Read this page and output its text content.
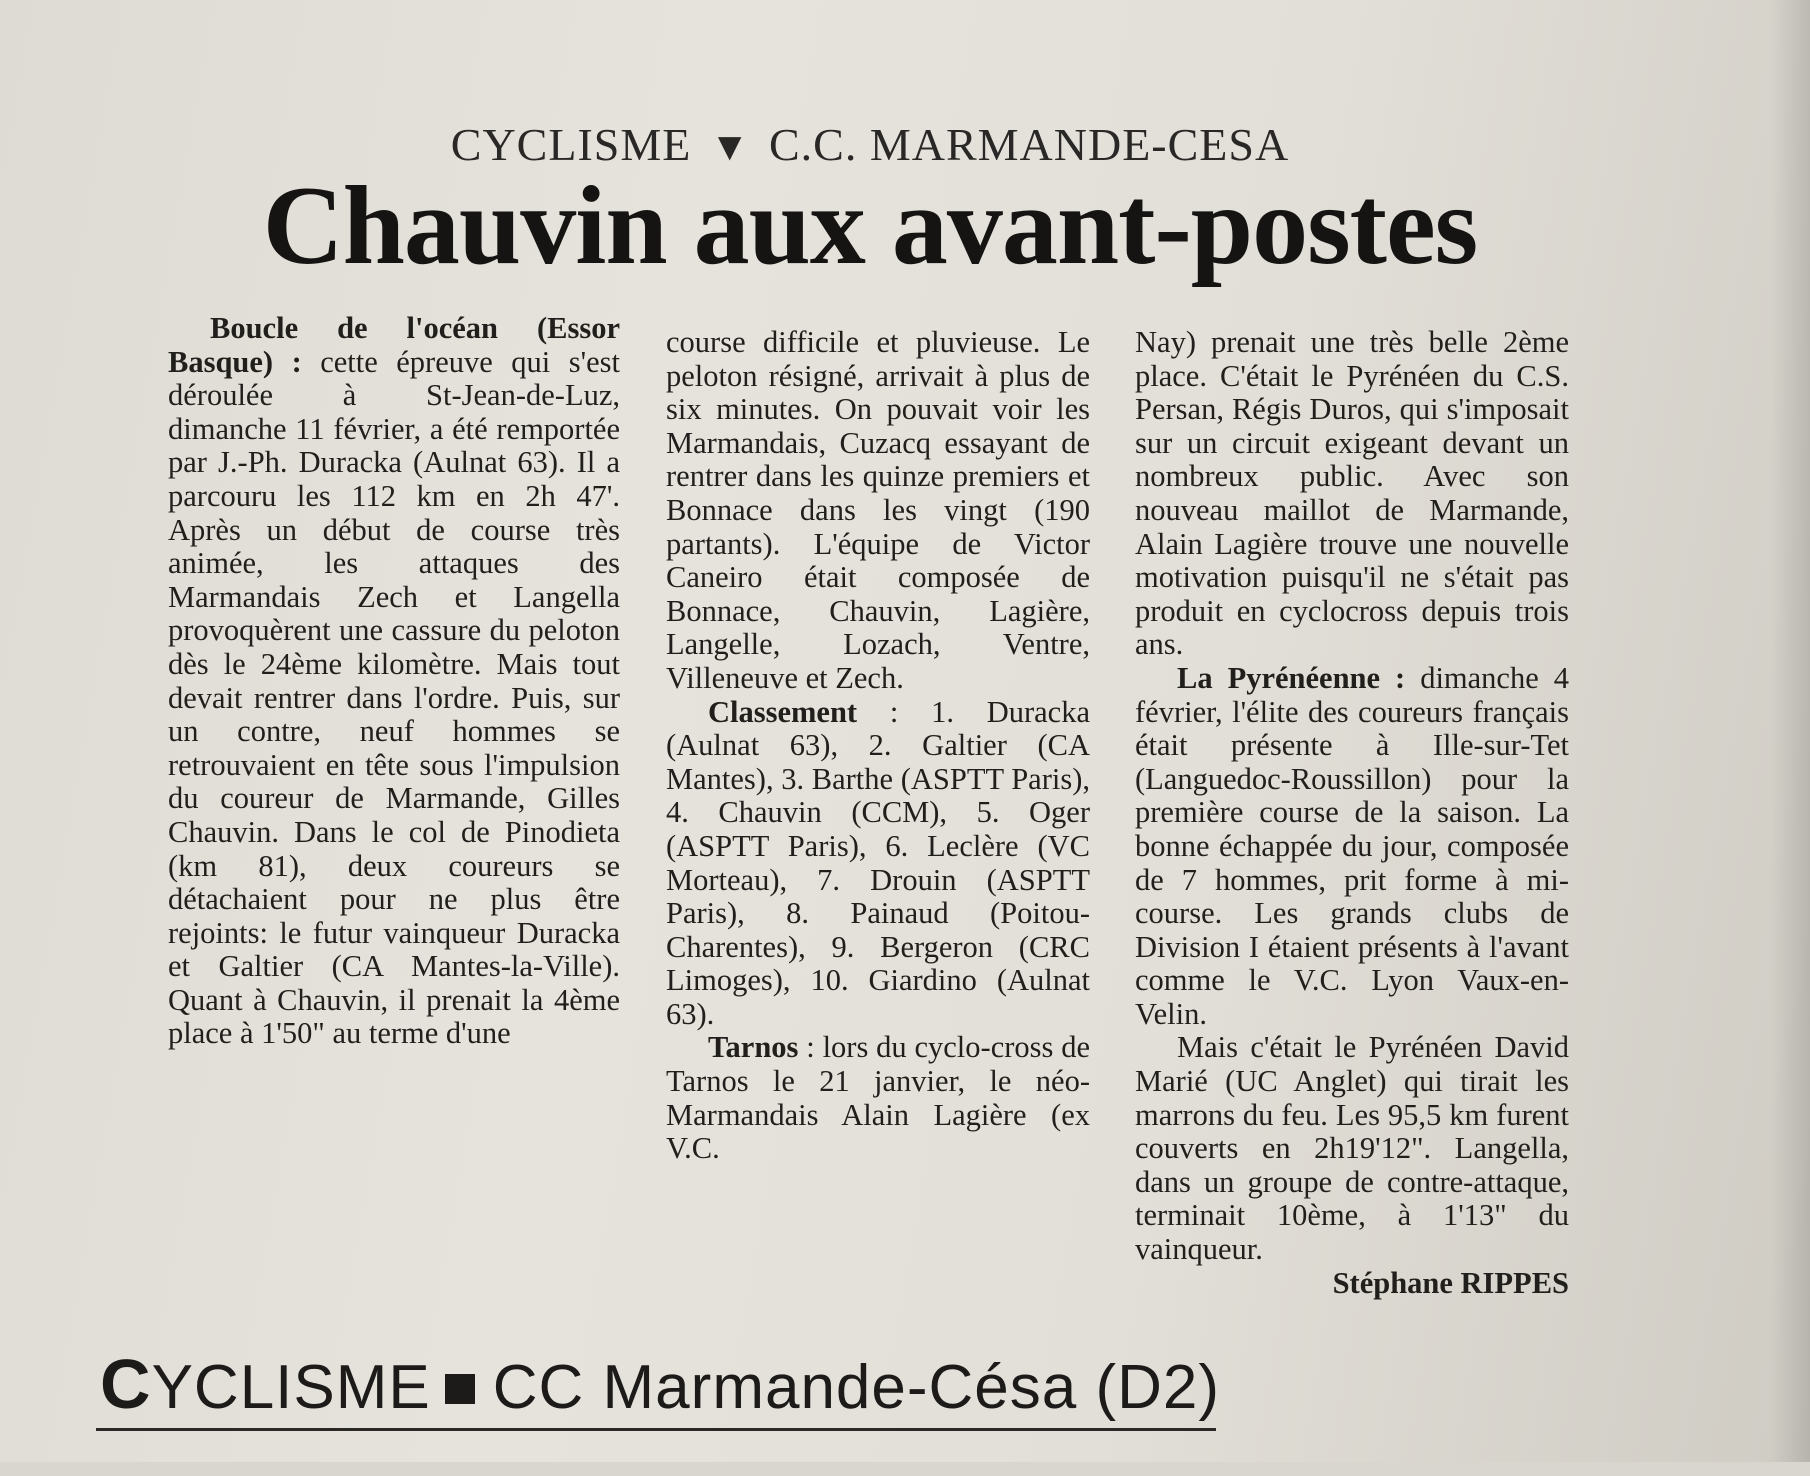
CYCLISME ▼ C.C. MARMANDE-CESA
Chauvin aux avant-postes

Boucle de l'océan (Essor Basque) : cette épreuve qui s'est déroulée à St-Jean-de-Luz, dimanche 11 février, a été remportée par J.-Ph. Duracka (Aulnat 63). Il a parcouru les 112 km en 2h 47'. Après un début de course très animée, les attaques des Marmandais Zech et Langella provoquèrent une cassure du peloton dès le 24ème kilomètre. Mais tout devait rentrer dans l'ordre. Puis, sur un contre, neuf hommes se retrouvaient en tête sous l'impulsion du coureur de Marmande, Gilles Chauvin. Dans le col de Pinodieta (km 81), deux coureurs se détachaient pour ne plus être rejoints: le futur vainqueur Duracka et Galtier (CA Mantes-la-Ville). Quant à Chauvin, il prenait la 4ème place à 1'50" au terme d'une

course difficile et pluvieuse. Le peloton résigné, arrivait à plus de six minutes. On pouvait voir les Marmandais, Cuzacq essayant de rentrer dans les quinze premiers et Bonnace dans les vingt (190 partants). L'équipe de Victor Caneiro était composée de Bonnace, Chauvin, Lagière, Langelle, Lozach, Ventre, Villeneuve et Zech.

Classement : 1. Duracka (Aulnat 63), 2. Galtier (CA Mantes), 3. Barthe (ASPTT Paris), 4. Chauvin (CCM), 5. Oger (ASPTT Paris), 6. Leclère (VC Morteau), 7. Drouin (ASPTT Paris), 8. Painaud (Poitou-Charentes), 9. Bergeron (CRC Limoges), 10. Giardino (Aulnat 63).

Tarnos : lors du cyclo-cross de Tarnos le 21 janvier, le néo-Marmandais Alain Lagière (ex V.C.

Nay) prenait une très belle 2ème place. C'était le Pyrénéen du C.S. Persan, Régis Duros, qui s'imposait sur un circuit exigeant devant un nombreux public. Avec son nouveau maillot de Marmande, Alain Lagière trouve une nouvelle motivation puisqu'il ne s'était pas produit en cyclocross depuis trois ans.

La Pyrénéenne : dimanche 4 février, l'élite des coureurs français était présente à Ille-sur-Tet (Languedoc-Roussillon) pour la première course de la saison. La bonne échappée du jour, composée de 7 hommes, prit forme à mi-course. Les grands clubs de Division I étaient présents à l'avant comme le V.C. Lyon Vaux-en-Velin.

Mais c'était le Pyrénéen David Marié (UC Anglet) qui tirait les marrons du feu. Les 95,5 km furent couverts en 2h19'12". Langella, dans un groupe de contre-attaque, terminait 10ème, à 1'13" du vainqueur.

Stéphane RIPPES

CYCLISME CC Marmande-Césa (D2)
